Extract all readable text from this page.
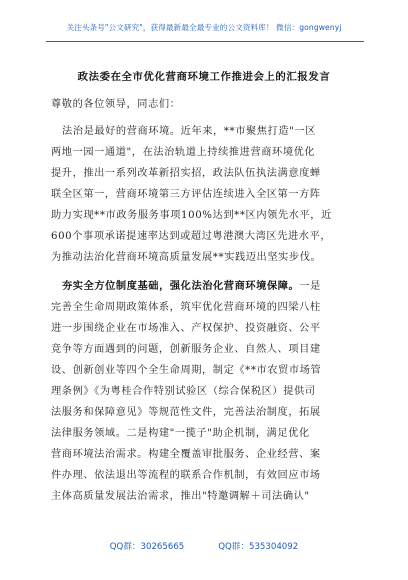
关注头条号"公文研究"，获得最新最全最专业的公文资料库！ 微信：gongwenyj
政法委在全市优化营商环境工作推进会上的汇报发言
尊敬的各位领导，同志们：
法治是最好的营商环境。近年来，**市聚焦打造"一区
两地一园一通道"，在法治轨道上持续推进营商环境优化
提升，推出一系列改革新招实招，政法队伍执法满意度蝉
联全区第一，营商环境第三方评估连续进入全区第一方阵
助力实现**市政务服务事项100%达到**区内领先水平，近
600个事项承诺提速率达到或超过粤港澳大湾区先进水平，
为推动法治化营商环境高质量发展**实践迈出坚实步伐。
夯实全方位制度基础，强化法治化营商环境保障。一是
完善全生命周期政策体系，筑牢优化营商环境的四梁八柱
进一步围绕企业在市场准入、产权保护、投资融资、公平
竞争等方面遇到的问题，创新服务企业、自然人、项目建
设、创新创业等四个全生命周期，制定《**市农贸市场管
理条例》《为粤桂合作特别试验区（综合保税区）提供司
法服务和保障意见》等规范性文件，完善法治制度，拓展
法律服务领域。二是构建"一揽子"助企机制，满足优化
营商环境法治需求。构建全覆盖审批服务、企业经营、案
件办理、依法退出等流程的联系合作机制，有效回应市场
主体高质量发展法治需求，推出"特邀调解＋司法确认"
QQ群：30265665	QQ群：535304092
